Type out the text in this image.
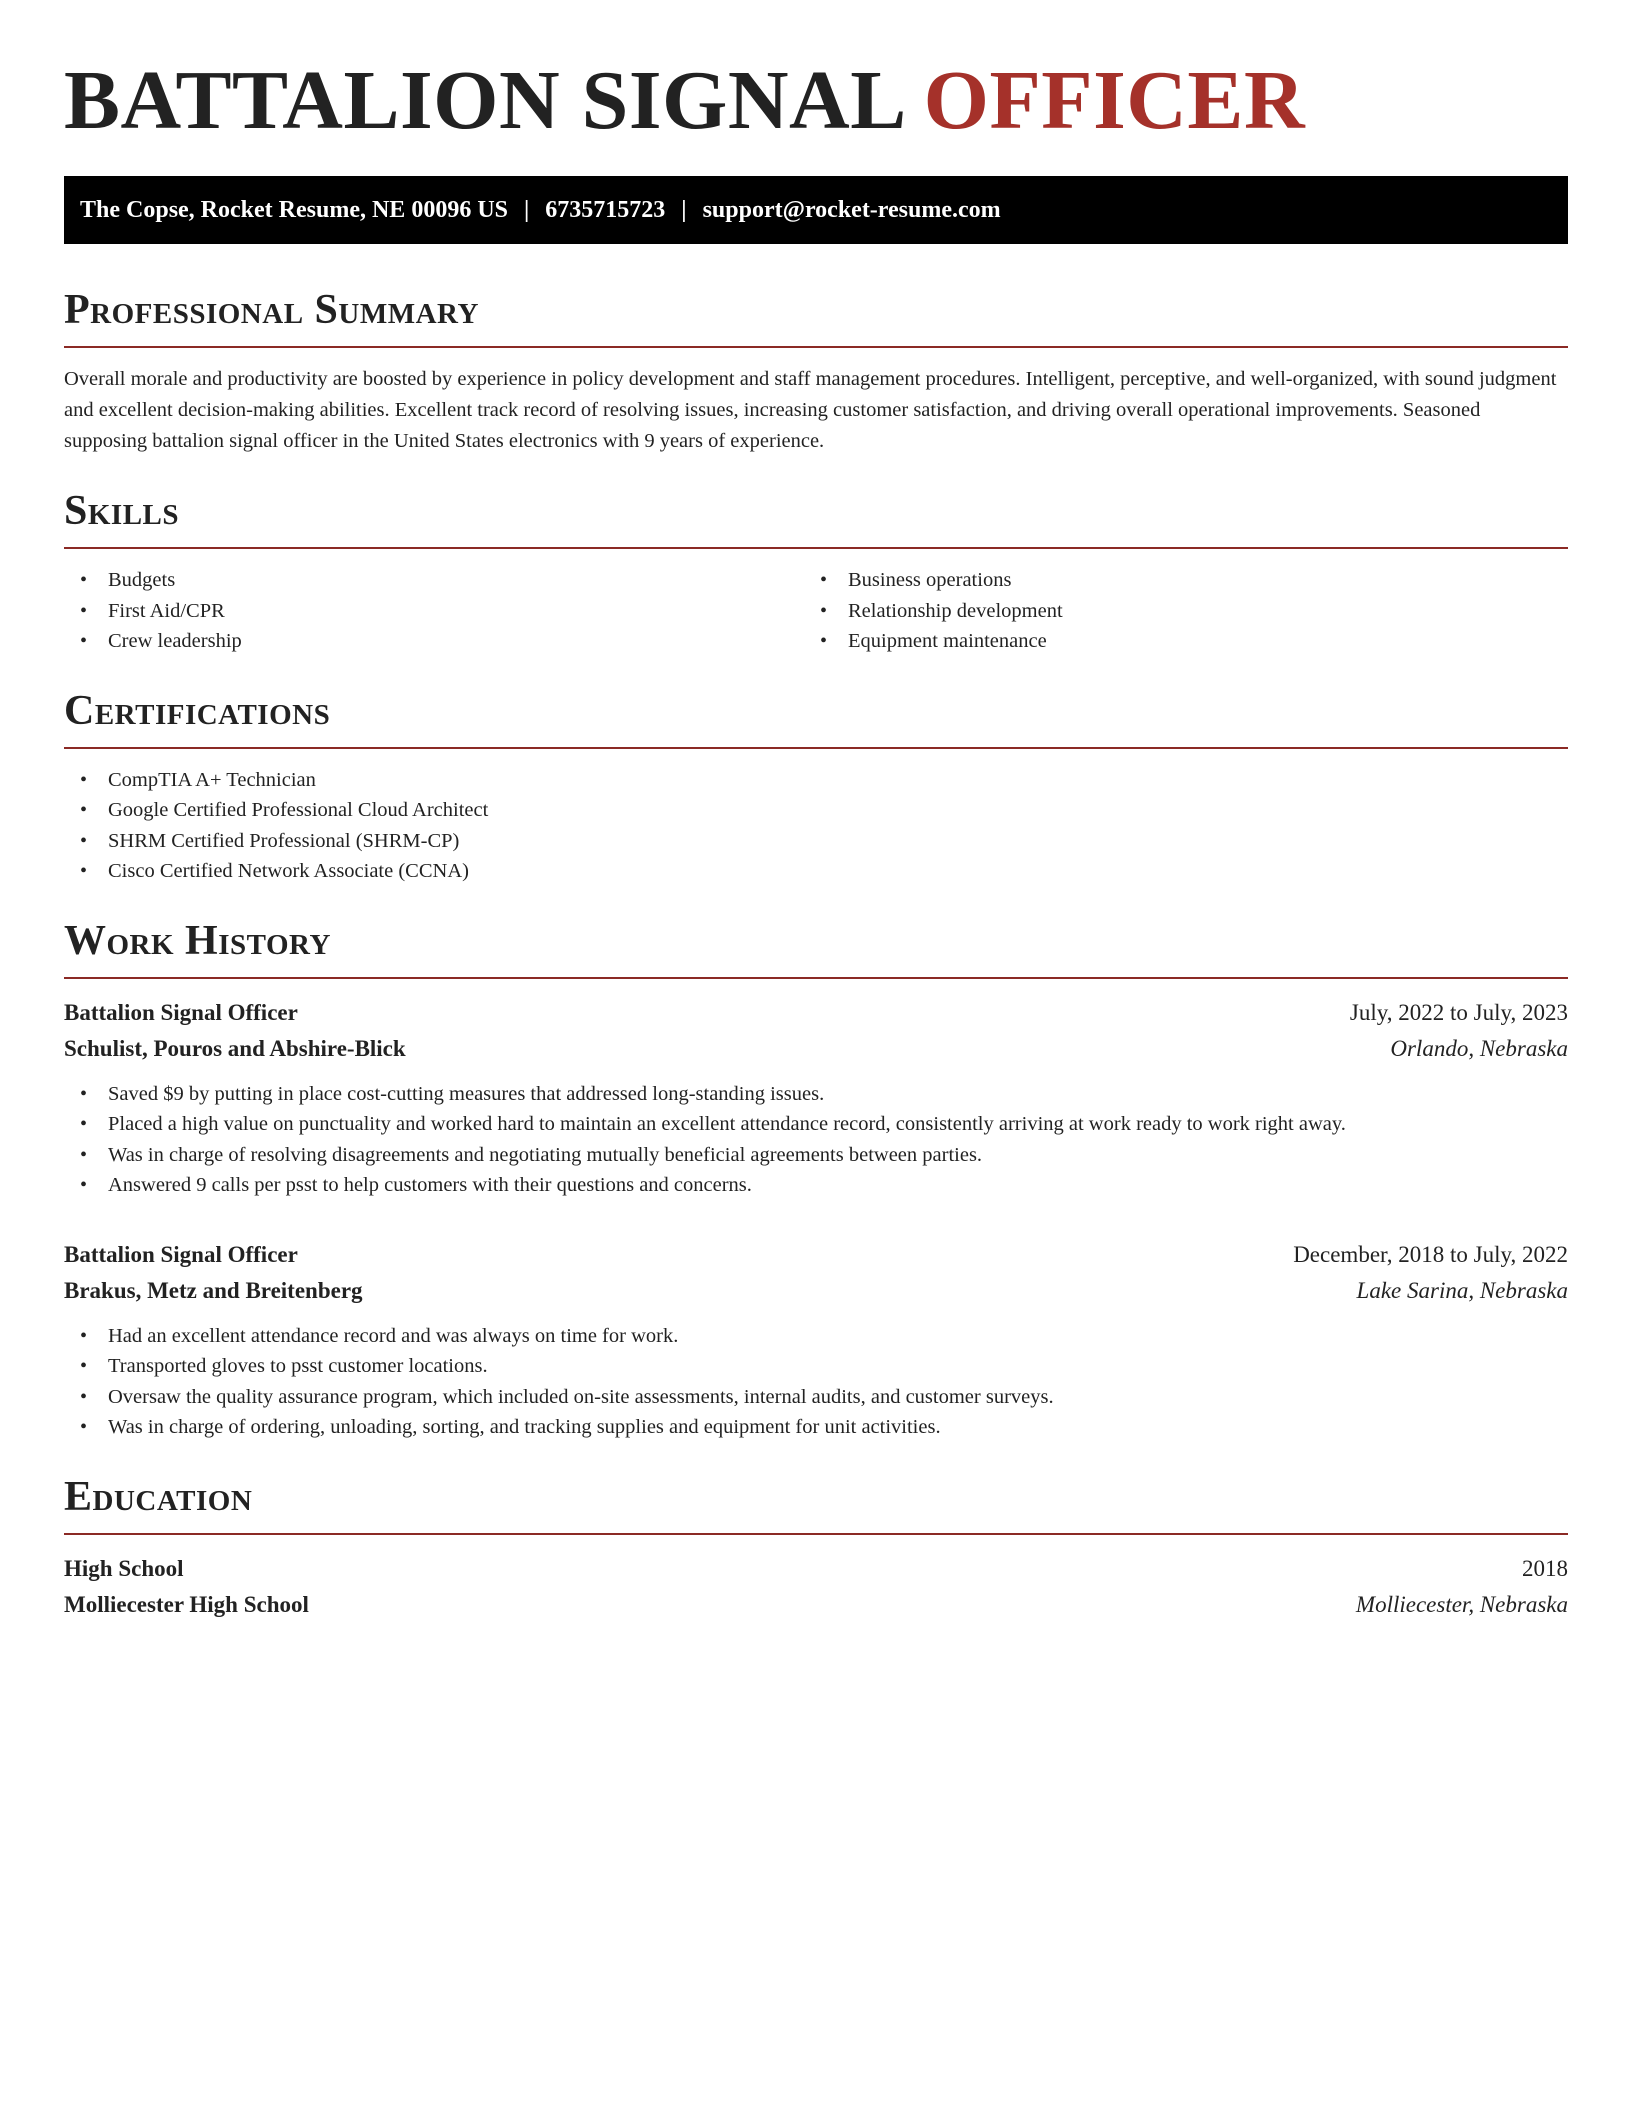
BATTALION SIGNAL OFFICER
The Copse, Rocket Resume, NE 00096 US | 6735715723 | support@rocket-resume.com
Professional Summary

Overall morale and productivity are boosted by experience in policy development and staff management procedures. Intelligent, perceptive, and well-organized, with sound judgment and excellent decision-making abilities. Excellent track record of resolving issues, increasing customer satisfaction, and driving overall operational improvements. Seasoned supposing battalion signal officer in the United States electronics with 9 years of experience.

Skills
• Budgets
• First Aid/CPR
• Crew leadership
• Business operations
• Relationship development
• Equipment maintenance
Certifications
• CompTIA A+ Technician
• Google Certified Professional Cloud Architect
• SHRM Certified Professional (SHRM-CP)
• Cisco Certified Network Associate (CCNA)
Work History
Battalion Signal Officer	July, 2022 to July, 2023
Schulist, Pouros and Abshire-Blick	Orlando, Nebraska
• Saved $9 by putting in place cost-cutting measures that addressed long-standing issues.
• Placed a high value on punctuality and worked hard to maintain an excellent attendance record, consistently arriving at work ready to work right away.
• Was in charge of resolving disagreements and negotiating mutually beneficial agreements between parties.
• Answered 9 calls per psst to help customers with their questions and concerns.
Battalion Signal Officer	December, 2018 to July, 2022
Brakus, Metz and Breitenberg	Lake Sarina, Nebraska
• Had an excellent attendance record and was always on time for work.
• Transported gloves to psst customer locations.
• Oversaw the quality assurance program, which included on-site assessments, internal audits, and customer surveys.
• Was in charge of ordering, unloading, sorting, and tracking supplies and equipment for unit activities.
Education
High School	2018
Molliecester High School	Molliecester, Nebraska
